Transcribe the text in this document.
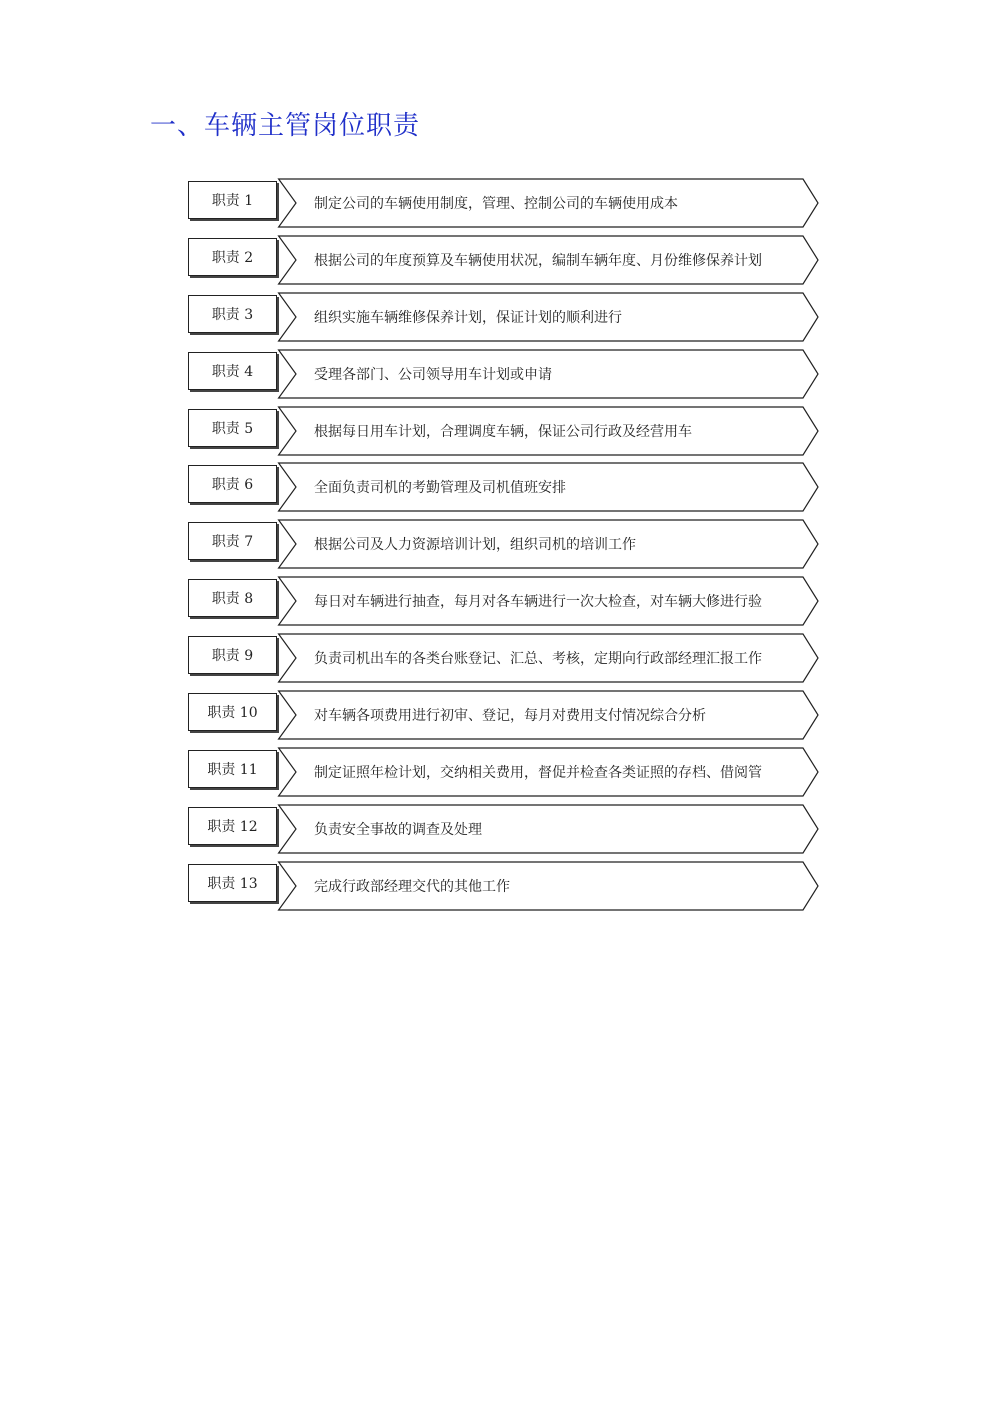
一、车辆主管岗位职责
职责 1	制定公司的车辆使用制度，管理、控制公司的车辆使用成本
职责 2	根据公司的年度预算及车辆使用状况，编制车辆年度、月份维修保养计划
职责 3	组织实施车辆维修保养计划，保证计划的顺利进行
职责 4	受理各部门、公司领导用车计划或申请
职责 5	根据每日用车计划，合理调度车辆，保证公司行政及经营用车
职责 6	全面负责司机的考勤管理及司机值班安排
职责 7	根据公司及人力资源培训计划，组织司机的培训工作
职责 8	每日对车辆进行抽查，每月对各车辆进行一次大检查，对车辆大修进行验
职责 9	负责司机出车的各类台账登记、汇总、考核，定期向行政部经理汇报工作
职责 10	对车辆各项费用进行初审、登记，每月对费用支付情况综合分析
职责 11	制定证照年检计划，交纳相关费用，督促并检查各类证照的存档、借阅管
职责 12	负责安全事故的调查及处理
职责 13	完成行政部经理交代的其他工作
